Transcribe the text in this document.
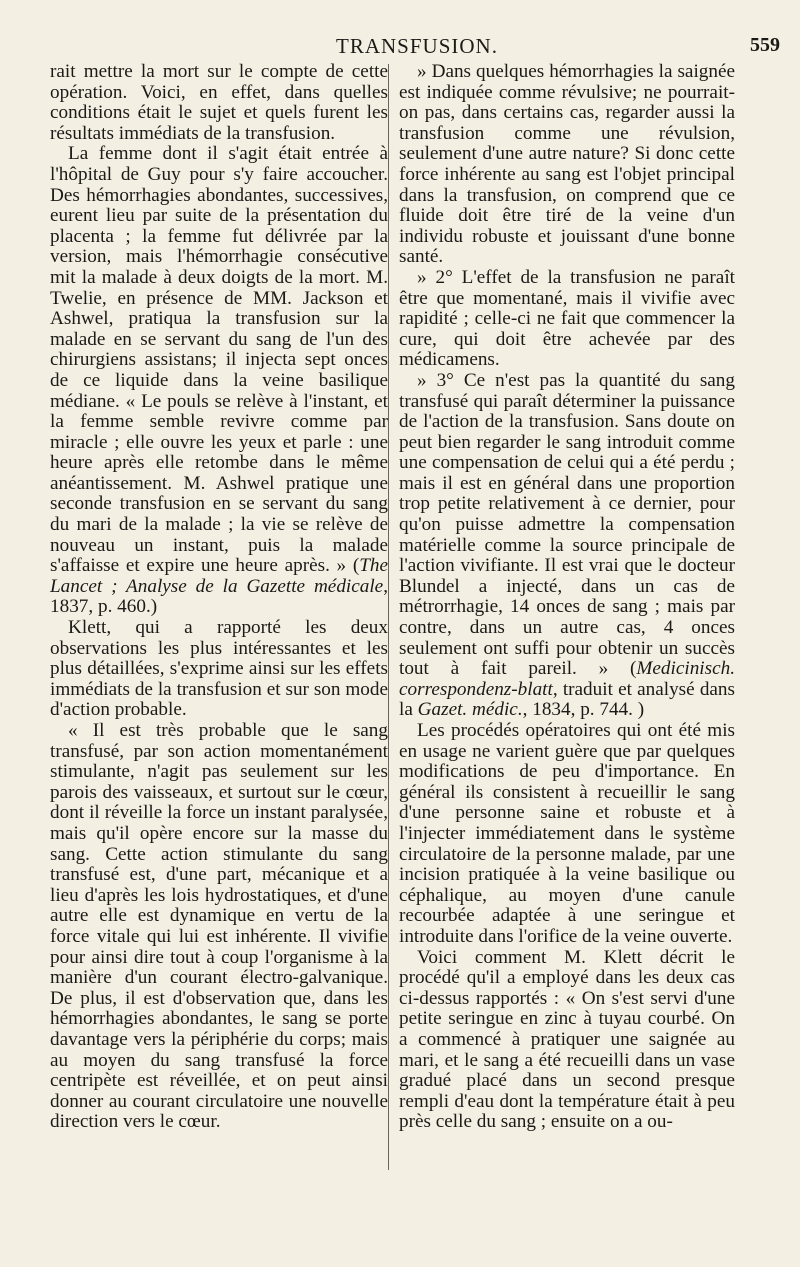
TRANSFUSION.	559

rait mettre la mort sur le compte de cette opération. Voici, en effet, dans quelles conditions était le sujet et quels furent les résultats immédiats de la transfusion.

La femme dont il s'agit était entrée à l'hôpital de Guy pour s'y faire accoucher. Des hémorrhagies abondantes, successives, eurent lieu par suite de la présentation du placenta ; la femme fut délivrée par la version, mais l'hémorrhagie consécutive mit la malade à deux doigts de la mort. M. Twelie, en présence de MM. Jackson et Ashwel, pratiqua la transfusion sur la malade en se servant du sang de l'un des chirurgiens assistans; il injecta sept onces de ce liquide dans la veine basilique médiane. « Le pouls se relève à l'instant, et la femme semble revivre comme par miracle ; elle ouvre les yeux et parle : une heure après elle retombe dans le même anéantissement. M. Ashwel pratique une seconde transfusion en se servant du sang du mari de la malade ; la vie se relève de nouveau un instant, puis la malade s'affaisse et expire une heure après. » (The Lancet ; Analyse de la Gazette médicale, 1837, p. 460.)

Klett, qui a rapporté les deux observations les plus intéressantes et les plus détaillées, s'exprime ainsi sur les effets immédiats de la transfusion et sur son mode d'action probable.

« Il est très probable que le sang transfusé, par son action momentanément stimulante, n'agit pas seulement sur les parois des vaisseaux, et surtout sur le cœur, dont il réveille la force un instant paralysée, mais qu'il opère encore sur la masse du sang. Cette action stimulante du sang transfusé est, d'une part, mécanique et a lieu d'après les lois hydrostatiques, et d'une autre elle est dynamique en vertu de la force vitale qui lui est inhérente. Il vivifie pour ainsi dire tout à coup l'organisme à la manière d'un courant électro-galvanique. De plus, il est d'observation que, dans les hémorrhagies abondantes, le sang se porte davantage vers la périphérie du corps; mais au moyen du sang transfusé la force centripète est réveillée, et on peut ainsi donner au courant circulatoire une nouvelle direction vers le cœur.

» Dans quelques hémorrhagies la saignée est indiquée comme révulsive; ne pourrait-on pas, dans certains cas, regarder aussi la transfusion comme une révulsion, seulement d'une autre nature? Si donc cette force inhérente au sang est l'objet principal dans la transfusion, on comprend que ce fluide doit être tiré de la veine d'un individu robuste et jouissant d'une bonne santé.

» 2° L'effet de la transfusion ne paraît être que momentané, mais il vivifie avec rapidité ; celle-ci ne fait que commencer la cure, qui doit être achevée par des médicamens.

» 3° Ce n'est pas la quantité du sang transfusé qui paraît déterminer la puissance de l'action de la transfusion. Sans doute on peut bien regarder le sang introduit comme une compensation de celui qui a été perdu ; mais il est en général dans une proportion trop petite relativement à ce dernier, pour qu'on puisse admettre la compensation matérielle comme la source principale de l'action vivifiante. Il est vrai que le docteur Blundel a injecté, dans un cas de métrorrhagie, 14 onces de sang ; mais par contre, dans un autre cas, 4 onces seulement ont suffi pour obtenir un succès tout à fait pareil. » (Medicinisch. correspondenz-blatt, traduit et analysé dans la Gazet. médic., 1834, p. 744. )

Les procédés opératoires qui ont été mis en usage ne varient guère que par quelques modifications de peu d'importance. En général ils consistent à recueillir le sang d'une personne saine et robuste et à l'injecter immédiatement dans le système circulatoire de la personne malade, par une incision pratiquée à la veine basilique ou céphalique, au moyen d'une canule recourbée adaptée à une seringue et introduite dans l'orifice de la veine ouverte.

Voici comment M. Klett décrit le procédé qu'il a employé dans les deux cas ci-dessus rapportés : « On s'est servi d'une petite seringue en zinc à tuyau courbé. On a commencé à pratiquer une saignée au mari, et le sang a été recueilli dans un vase gradué placé dans un second presque rempli d'eau dont la température était à peu près celle du sang ; ensuite on a ou-
